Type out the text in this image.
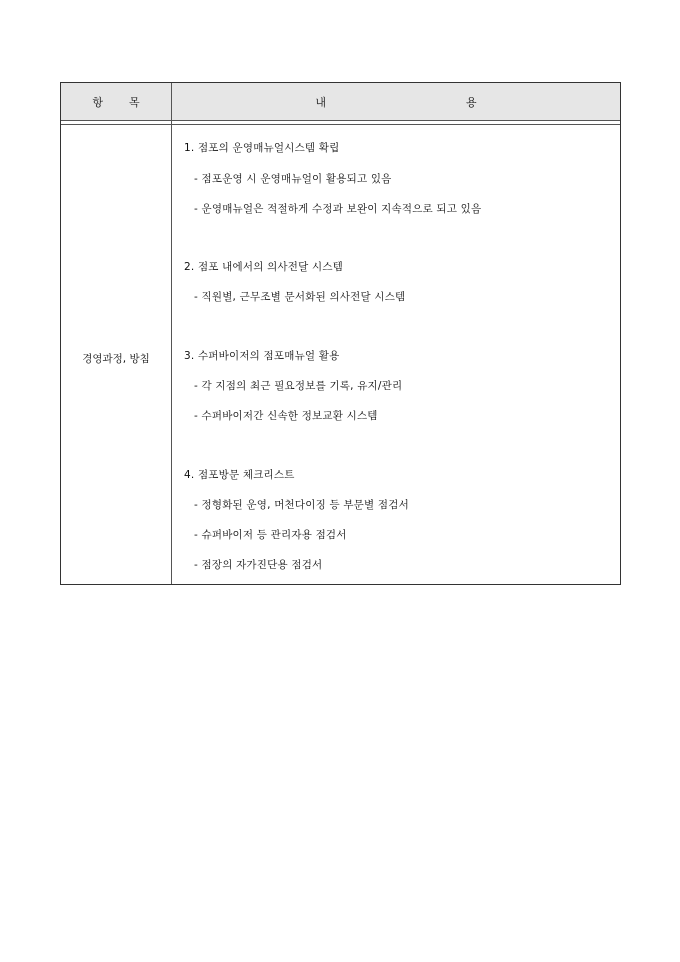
항 목	내	용
경영과정, 방침
1. 점포의 운영매뉴얼시스템 확립
- 점포운영 시 운영매뉴얼이 활용되고 있음
- 운영매뉴얼은 적절하게 수정과 보완이 지속적으로 되고 있음
2. 점포 내에서의 의사전달 시스템
- 직원별, 근무조별 문서화된 의사전달 시스템
3. 수퍼바이저의 점포매뉴얼 활용
- 각 지점의 최근 필요정보를 기록, 유지/관리
- 수퍼바이저간 신속한 정보교환 시스템
4. 점포방문 체크리스트
- 정형화된 운영, 머천다이징 등 부문별 점검서
- 슈퍼바이저 등 관리자용 점검서
- 점장의 자가진단용 점검서
